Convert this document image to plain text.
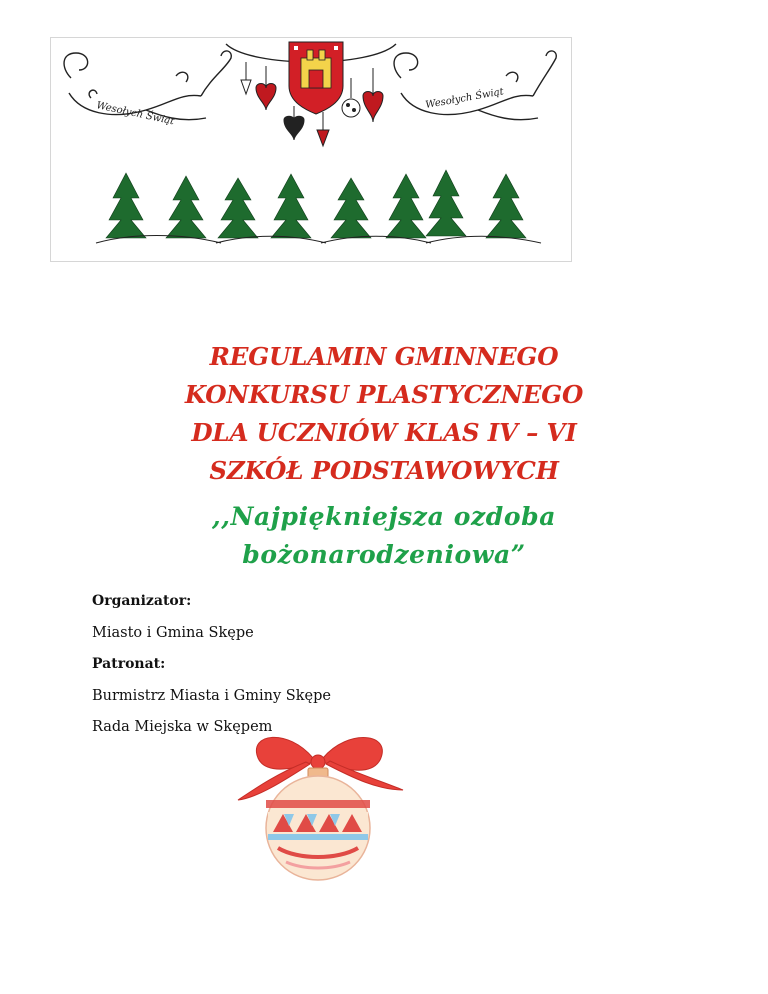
Wesołych Świąt
Wesołych Świąt
REGULAMIN GMINNEGO
KONKURSU PLASTYCZNEGO
DLA UCZNIÓW KLAS IV – VI
SZKÓŁ PODSTAWOWYCH
,,Najpiękniejsza ozdoba
bożonarodzeniowa”
Organizator:
Miasto i Gmina Skępe
Patronat:
Burmistrz Miasta i Gminy Skępe
Rada Miejska w Skępem
